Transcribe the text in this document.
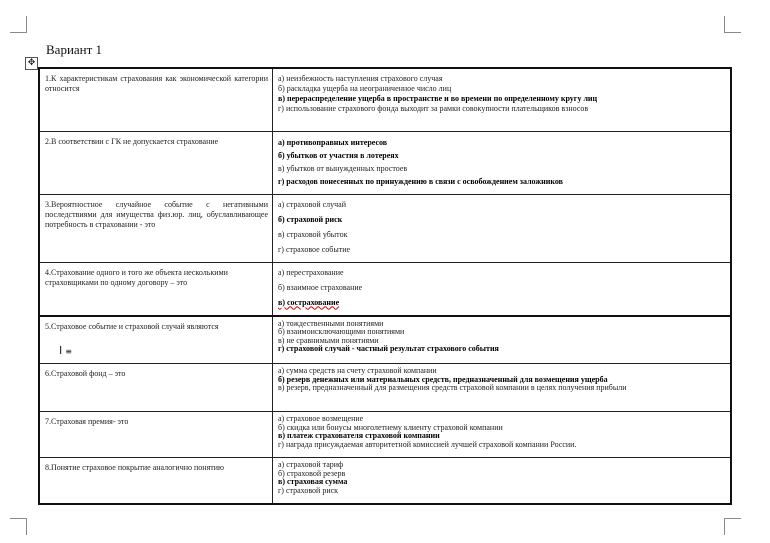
Вариант 1
✥
1.К характеристикам страхования как экономической категории относится	а) неизбежность наступления страхового случая
б) раскладка ущерба на неограниченное число лиц
в) перераспределение ущерба в пространстве и во времени по определенному кругу лиц
г) использование страхового фонда выходит за рамки совокупности плательщиков взносов

2.В соответствии с ГК не допускается страхование	а) противоправных интересов
б) убытков от участия в лотереях
в) убытков от вынужденных простоев
г) расходов понесенных по принуждению в связи с освобождением заложников

3.Вероятностное случайное событие с негативными последствиями для имущества физ.юр. лиц, обуславливающее потребность в страховании - это	а) страховой случай
б) страховой риск
в) страховой убыток
г) страховое событие

4.Страхование одного и того же объекта несколькими страховщиками по одному договору – это	а) перестрахование
б) взаимное страхование
в) сострахование

5.Страховое событие и страховой случай являются
I ≡	а) тождественными понятиями
б) взаимоисключающими понятиями
в) не сравнимыми понятиями
г) страховой случай - частный результат страхового события

6.Страховой фонд – это	а) сумма средств на счету страховой компании
б) резерв денежных или материальных средств, предназначенный для возмещения ущерба
в) резерв, предназначенный для размещения средств страховой компании в целях получения прибыли

7.Страховая премия- это	а) страховое возмещение
б) скидка или бонусы многолетнему клиенту страховой компании
в) платеж страхователя страховой компании
г) награда присуждаемая авторитетной комиссией лучшей страховой компании России.

8.Понятие страховое покрытие аналогично понятию	а) страховой тариф
б) страховой резерв
в) страховая сумма
г) страховой риск
